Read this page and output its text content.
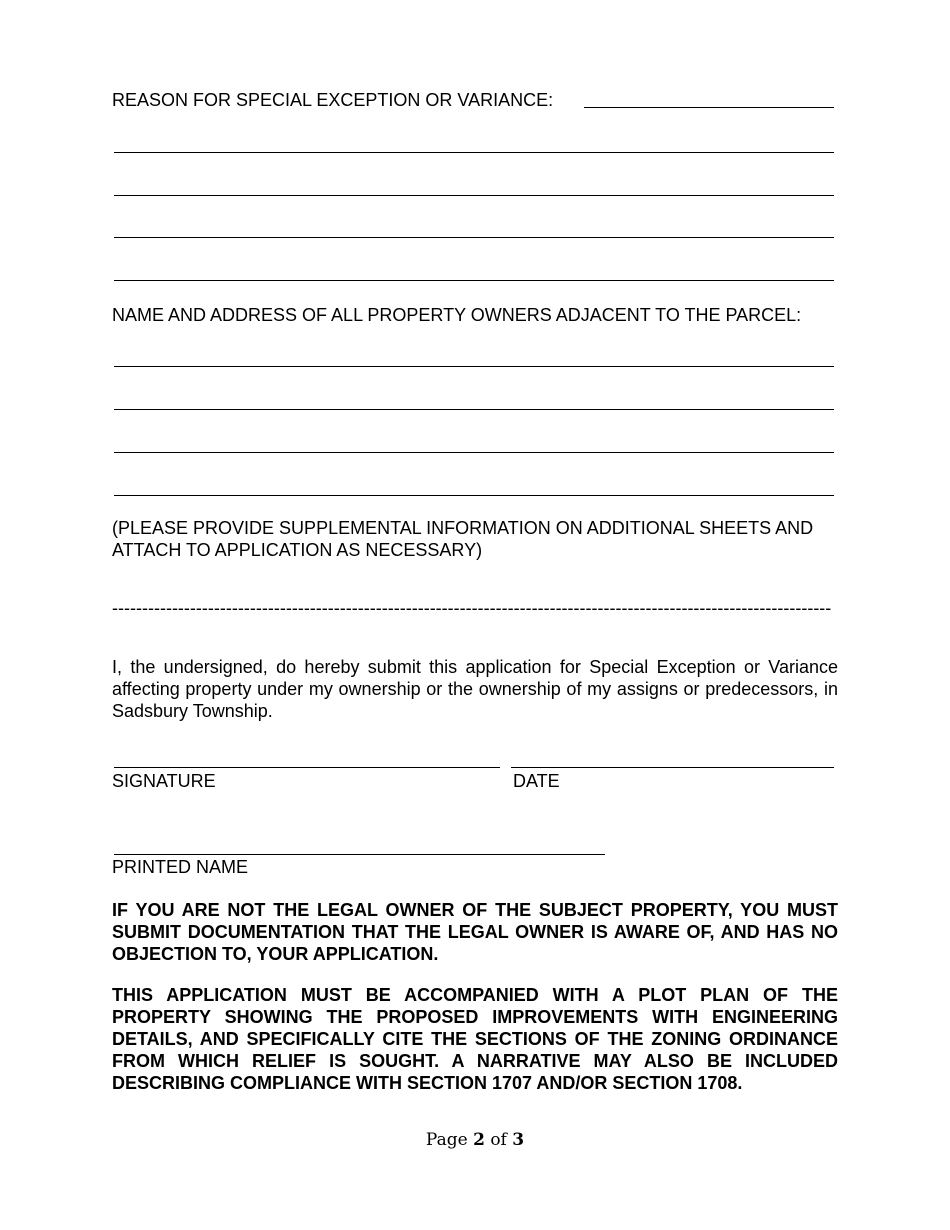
REASON FOR SPECIAL EXCEPTION OR VARIANCE:
NAME AND ADDRESS OF ALL PROPERTY OWNERS ADJACENT TO THE PARCEL:
(PLEASE PROVIDE SUPPLEMENTAL INFORMATION ON ADDITIONAL SHEETS AND
ATTACH TO APPLICATION AS NECESSARY)
------------------------------------------------------------------------------------------------------------------------
I, the undersigned, do hereby submit this application for Special Exception or Variance affecting property under my ownership or the ownership of my assigns or predecessors, in Sadsbury Township.
SIGNATURE	DATE
PRINTED NAME
IF YOU ARE NOT THE LEGAL OWNER OF THE SUBJECT PROPERTY, YOU MUST SUBMIT DOCUMENTATION THAT THE LEGAL OWNER IS AWARE OF, AND HAS NO OBJECTION TO, YOUR APPLICATION.
THIS APPLICATION MUST BE ACCOMPANIED WITH A PLOT PLAN OF THE PROPERTY SHOWING THE PROPOSED IMPROVEMENTS WITH ENGINEERING DETAILS, AND SPECIFICALLY CITE THE SECTIONS OF THE ZONING ORDINANCE FROM WHICH RELIEF IS SOUGHT. A NARRATIVE MAY ALSO BE INCLUDED DESCRIBING COMPLIANCE WITH SECTION 1707 AND/OR SECTION 1708.
Page 2 of 3
